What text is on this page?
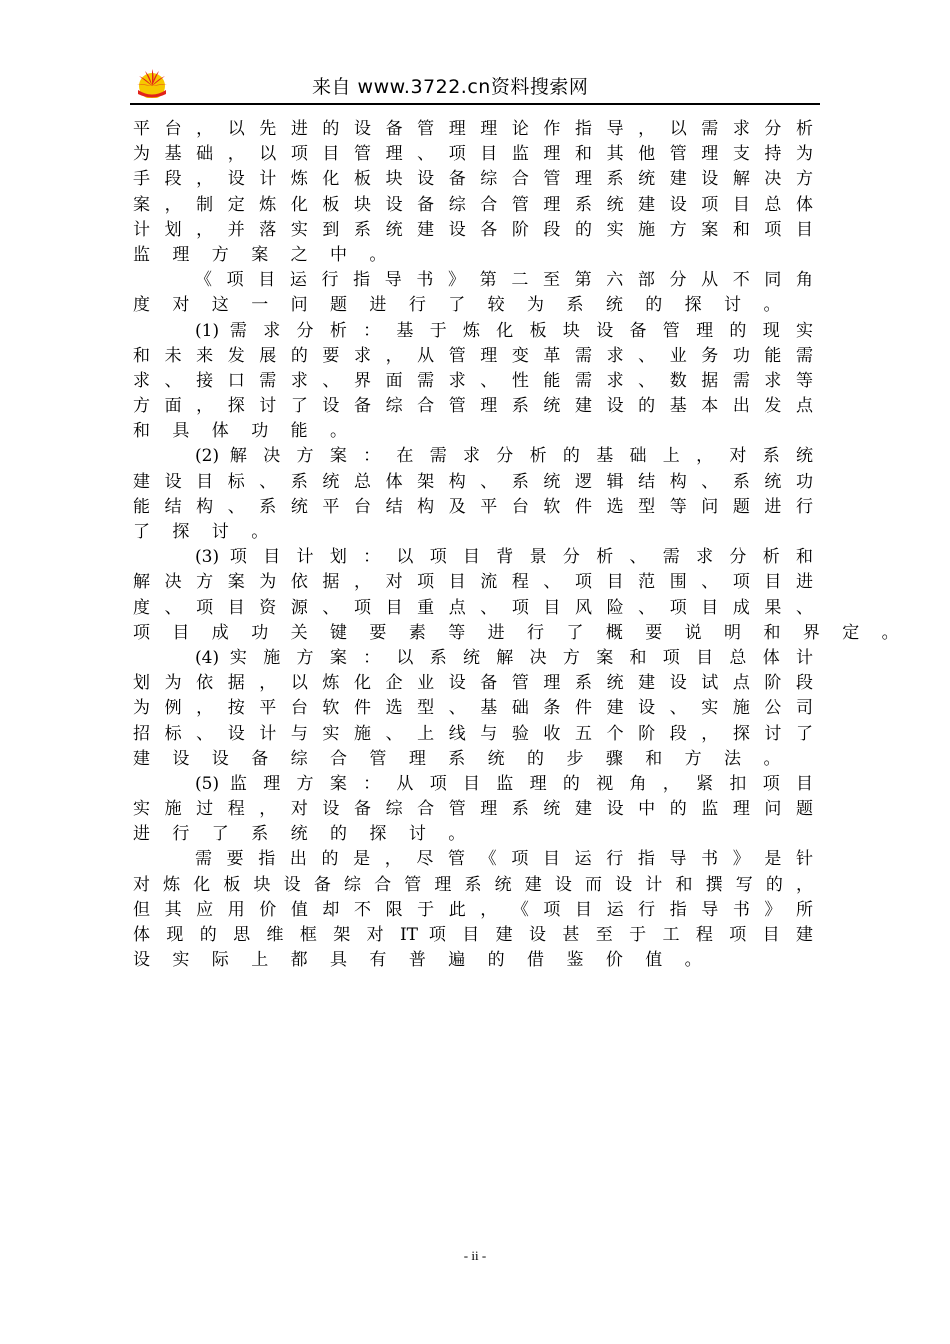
来自 www.3722.cn资料搜索网
平 台 ， 以 先 进 的 设 备 管 理 理 论 作 指 导 ， 以 需 求 分 析
为 基 础 ， 以 项 目 管 理 、 项 目 监 理 和 其 他 管 理 支 持 为
手 段 ， 设 计 炼 化 板 块 设 备 综 合 管 理 系 统 建 设 解 决 方
案 ， 制 定 炼 化 板 块 设 备 综 合 管 理 系 统 建 设 项 目 总 体
计 划 ， 并 落 实 到 系 统 建 设 各 阶 段 的 实 施 方 案 和 项 目
监 理 方 案 之 中 。
《 项 目 运 行 指 导 书 》 第 二 至 第 六 部 分 从 不 同 角
度 对 这 一 问 题 进 行 了 较 为 系 统 的 探 讨 。
(1) 需 求 分 析 ： 基 于 炼 化 板 块 设 备 管 理 的 现 实
和 未 来 发 展 的 要 求 ， 从 管 理 变 革 需 求 、 业 务 功 能 需
求 、 接 口 需 求 、 界 面 需 求 、 性 能 需 求 、 数 据 需 求 等
方 面 ， 探 讨 了 设 备 综 合 管 理 系 统 建 设 的 基 本 出 发 点
和 具 体 功 能 。
(2) 解 决 方 案 ： 在 需 求 分 析 的 基 础 上 ， 对 系 统
建 设 目 标 、 系 统 总 体 架 构 、 系 统 逻 辑 结 构 、 系 统 功
能 结 构 、 系 统 平 台 结 构 及 平 台 软 件 选 型 等 问 题 进 行
了 探 讨 。
(3) 项 目 计 划 ： 以 项 目 背 景 分 析 、 需 求 分 析 和
解 决 方 案 为 依 据 ， 对 项 目 流 程 、 项 目 范 围 、 项 目 进
度 、 项 目 资 源 、 项 目 重 点 、 项 目 风 险 、 项 目 成 果 、
项 目 成 功 关 键 要 素 等 进 行 了 概 要 说 明 和 界 定 。
(4) 实 施 方 案 ： 以 系 统 解 决 方 案 和 项 目 总 体 计
划 为 依 据 ， 以 炼 化 企 业 设 备 管 理 系 统 建 设 试 点 阶 段
为 例 ， 按 平 台 软 件 选 型 、 基 础 条 件 建 设 、 实 施 公 司
招 标 、 设 计 与 实 施 、 上 线 与 验 收 五 个 阶 段 ， 探 讨 了
建 设 设 备 综 合 管 理 系 统 的 步 骤 和 方 法 。
(5) 监 理 方 案 ： 从 项 目 监 理 的 视 角 ， 紧 扣 项 目
实 施 过 程 ， 对 设 备 综 合 管 理 系 统 建 设 中 的 监 理 问 题
进 行 了 系 统 的 探 讨 。
需 要 指 出 的 是 ， 尽 管 《 项 目 运 行 指 导 书 》 是 针
对 炼 化 板 块 设 备 综 合 管 理 系 统 建 设 而 设 计 和 撰 写 的 ，
但 其 应 用 价 值 却 不 限 于 此 ， 《 项 目 运 行 指 导 书 》 所
体 现 的 思 维 框 架 对 IT 项 目 建 设 甚 至 于 工 程 项 目 建
设 实 际 上 都 具 有 普 遍 的 借 鉴 价 值 。
- ii -
